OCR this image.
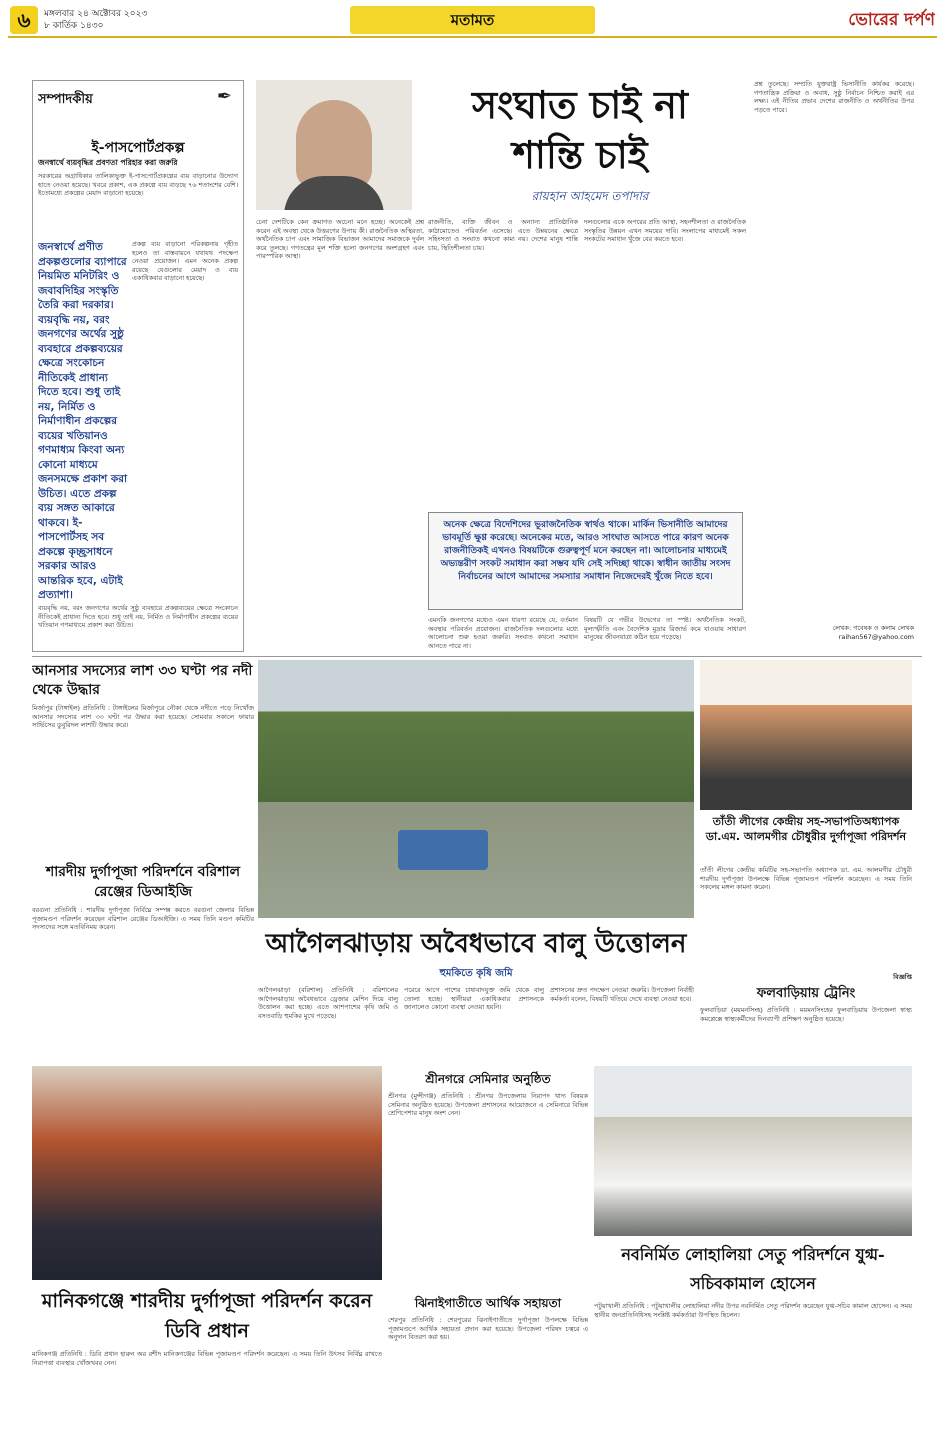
৬	মঙ্গলবার ২৪ অক্টোবর ২০২৩
৮ কার্তিক ১৪৩০	মতামত	ভোরের দর্পণ
সম্পাদকীয়	✒
ই-পাসপোর্টপ্রকল্প
জনস্বার্থে ব্যয়বৃদ্ধির প্রবণতা পরিহার করা জরুরি
সরকারের অগ্রাধিকার তালিকাভুক্ত ই-পাসপোর্টপ্রকল্পের ব্যয় বাড়ানোর উদ্যোগ হাতে নেওয়া হয়েছে। খবরে প্রকাশ, এক প্রকল্পে ব্যয় বাড়ছে ৭৬ শতাংশের বেশি। ইতোমধ্যে প্রকল্পের মেয়াদ বাড়ানো হয়েছে।
জনস্বার্থে প্রণীত প্রকল্পগুলোর ব্যাপারে নিয়মিত মনিটরিং ও জবাবদিহির সংস্কৃতি তৈরি করা দরকার। ব্যয়বৃদ্ধি নয়, বরং জনগণের অর্থের সুষ্ঠু ব্যবহারে প্রকল্পব্যয়ের ক্ষেত্রে সংকোচন নীতিকেই প্রাধান্য দিতে হবে। শুধু তাই নয়, নির্মিত ও নির্মাণাধীন প্রকল্পের ব্যয়ের খতিয়ানও গণমাধ্যম কিংবা অন্য কোনো মাধ্যমে জনসমক্ষে প্রকাশ করা উচিত। এতে প্রকল্প ব্যয় সঙ্গত আকারে থাকবে। ই-পাসপোর্টসহ সব প্রকল্পে কৃচ্ছ্রসাধনে সরকার আরও আন্তরিক হবে, এটাই প্রত্যাশা।
প্রকল্প ব্যয় বাড়ানো পরিকল্পনায় গৃহীত হলেও তা বাস্তবায়নে যথাযথ পদক্ষেপ নেওয়া প্রয়োজন। এমন অনেক প্রকল্প রয়েছে যেগুলোর মেয়াদ ও ব্যয় একাধিকবার বাড়ানো হয়েছে।
ব্যয়বৃদ্ধি নয়, বরং জনগণের অর্থের সুষ্ঠু ব্যবহারে প্রকল্পব্যয়ের ক্ষেত্রে সংকোচন নীতিকেই প্রাধান্য দিতে হবে। শুধু তাই নয়, নির্মিত ও নির্মাণাধীন প্রকল্পের ব্যয়ের খতিয়ান গণমাধ্যমে প্রকাশ করা উচিত।
সংঘাত চাই না
শান্তি চাই
রায়হান আহমেদ তপাদার
চেনা দেশটিকে কেন ক্রমাগত অচেনা মনে হচ্ছে। অনেকেই প্রশ্ন করেন এই অবস্থা থেকে উত্তরণের উপায় কী। রাজনৈতিক অস্থিরতা, অর্থনৈতিক চাপ এবং সামাজিক বিভাজন আমাদের সমাজকে দুর্বল করে তুলছে। গণতন্ত্রের মূল শক্তি হলো জনগণের অংশগ্রহণ এবং পারস্পরিক আস্থা।
রাজনীতি, ব্যক্তি জীবন ও অন্যান্য প্রাতিষ্ঠানিক কাঠামোতেও পরিবর্তন এসেছে। এতে উন্নয়নের ক্ষেত্রে সহিংসতা ও সংঘাত কখনো কাম্য নয়। দেশের মানুষ শান্তি চায়, স্থিতিশীলতা চায়।
দলগুলোর একে অপরের প্রতি আস্থা, সহনশীলতা ও রাজনৈতিক সংস্কৃতির উন্নয়ন এখন সময়ের দাবি। সংলাপের মাধ্যমেই সকল সংকটের সমাধান খুঁজে বের করতে হবে।
অনেক ক্ষেত্রে বিদেশিদের ভূরাজনৈতিক স্বার্থও থাকে। মার্কিন ভিসানীতি আমাদের ভাবমূর্তি ক্ষুণ্ণ করেছে। অনেকের মতে, আরও সাংঘাত আসতে পারে কারণ অনেক রাজনীতিকই এখনও বিষয়টিকে গুরুত্বপূর্ণ মনে করছেন না। আলোচনার মাধ্যমেই অভ্যন্তরীণ সংকট সমাধান করা সম্ভব যদি সেই সদিচ্ছা থাকে। স্বাধীন জাতীয় সংসদ নির্বাচনের আগে আমাদের সমস্যার সমাধান নিজেদেরই খুঁজে নিতে হবে।
এমনকি জনগণের মধ্যেও এমন ধারণা রয়েছে যে, বর্তমান অবস্থার পরিবর্তন প্রয়োজন। রাজনৈতিক দলগুলোর মধ্যে আলোচনা শুরু হওয়া জরুরি। সংঘাত কখনো সমাধান আনতে পারে না।
বিষয়টি যে গভীর উদ্বেগের তা স্পষ্ট। অর্থনৈতিক সংকট, মূল্যস্ফীতি এবং বৈদেশিক মুদ্রার রিজার্ভ কমে যাওয়ায় সাধারণ মানুষের জীবনযাত্রা কঠিন হয়ে পড়েছে।
প্রশ্ন তুলেছে। সম্প্রতি যুক্তরাষ্ট্র ভিসানীতি কার্যকর করেছে। গণতান্ত্রিক প্রক্রিয়া ও অবাধ, সুষ্ঠু নির্বাচন নিশ্চিত করাই এর লক্ষ্য। এই নীতির প্রভাব দেশের রাজনীতি ও অর্থনীতির উপর পড়তে পারে।
লেখক: গবেষক ও কলাম লেখক
raihan567@yahoo.com
আনসার সদস্যের লাশ ৩৩ ঘণ্টা পর নদী থেকে উদ্ধার
মির্জাপুর (টাঙ্গাইল) প্রতিনিধি : টাঙ্গাইলের মির্জাপুরে নৌকা থেকে নদীতে পড়ে নিখোঁজ আনসার সদস্যের লাশ ৩৩ ঘণ্টা পর উদ্ধার করা হয়েছে। সোমবার সকালে ফায়ার সার্ভিসের ডুবুরিদল লাশটি উদ্ধার করে।
শারদীয় দুর্গাপূজা পরিদর্শনে বরিশাল রেঞ্জের ডিআইজি
বরগুনা প্রতিনিধি : শারদীয় দুর্গাপূজা নির্বিঘ্নে সম্পন্ন করতে বরগুনা জেলার বিভিন্ন পূজামণ্ডপ পরিদর্শন করেছেন বরিশাল রেঞ্জের ডিআইজি। এ সময় তিনি মণ্ডপ কমিটির সদস্যদের সঙ্গে মতবিনিময় করেন।
আগৈলঝাড়ায় অবৈধভাবে বালু উত্তোলন
হুমকিতে কৃষি জমি
আগৈলঝাড়া (বরিশাল) প্রতিনিধি : বরিশালের আগৈলঝাড়ায় অবৈধভাবে ড্রেজার মেশিন দিয়ে বালু উত্তোলন করা হচ্ছে। এতে আশপাশের কৃষি জমি ও বসতবাড়ি হুমকির মুখে পড়েছে।
পরেরে আগে পাশের চাষাবাদযুক্ত জমি থেকে বালু তোলা হচ্ছে। স্থানীয়রা একাধিকবার প্রশাসনকে জানালেও কোনো ব্যবস্থা নেওয়া হয়নি।
প্রশাসনের দ্রুত পদক্ষেপ নেওয়া জরুরি। উপজেলা নির্বাহী কর্মকর্তা বলেন, বিষয়টি খতিয়ে দেখে ব্যবস্থা নেওয়া হবে।
তাঁতী লীগের কেন্দ্রীয় সহ-সভাপতিঅধ্যাপক ডা.এম. আলমগীর চৌধুরীর দুর্গাপূজা পরিদর্শন
তাঁতী লীগের কেন্দ্রীয় কমিটির সহ-সভাপতি অধ্যাপক ডা. এম. আলমগীর চৌধুরী শারদীয় দুর্গাপূজা উপলক্ষে বিভিন্ন পূজামণ্ডপ পরিদর্শন করেছেন। এ সময় তিনি সকলের মঙ্গল কামনা করেন।
বিজ্ঞপ্তি
ফলবাড়িয়ায় ট্রেনিং
ফুলবাড়িয়া (ময়মনসিংহ) প্রতিনিধি : ময়মনসিংহের ফুলবাড়িয়ায় উপজেলা স্বাস্থ্য কমপ্লেক্সে স্বাস্থ্যকর্মীদের দিনব্যাপী প্রশিক্ষণ অনুষ্ঠিত হয়েছে।
মানিকগঞ্জে শারদীয় দুর্গাপূজা পরিদর্শন করেন ডিবি প্রধান
মানিকগঞ্জ প্রতিনিধি : ডিবি প্রধান হারুন অর রশীদ মানিকগঞ্জের বিভিন্ন পূজামণ্ডপ পরিদর্শন করেছেন। এ সময় তিনি উৎসব নির্বিঘ্ন রাখতে নিরাপত্তা ব্যবস্থার খোঁজখবর নেন।
শ্রীনগরে সেমিনার অনুষ্ঠিত
শ্রীনগর (মুন্সীগঞ্জ) প্রতিনিধি : শ্রীনগর উপজেলায় নিরাপদ খাদ্য বিষয়ক সেমিনার অনুষ্ঠিত হয়েছে। উপজেলা প্রশাসনের আয়োজনে এ সেমিনারে বিভিন্ন শ্রেণিপেশার মানুষ অংশ নেন।
ঝিনাইগাতীতে আর্থিক সহায়তা
শেরপুর প্রতিনিধি : শেরপুরের ঝিনাইগাতীতে দুর্গাপূজা উপলক্ষে বিভিন্ন পূজামণ্ডপে আর্থিক সহায়তা প্রদান করা হয়েছে। উপজেলা পরিষদ চত্বরে এ অনুদান বিতরণ করা হয়।
নবনির্মিত লোহালিয়া সেতু পরিদর্শনে যুগ্ম-সচিবকামাল হোসেন
পটুয়াখালী প্রতিনিধি : পটুয়াখালীর লোহালিয়া নদীর উপর নবনির্মিত সেতু পরিদর্শন করেছেন যুগ্ম-সচিব কামাল হোসেন। এ সময় স্থানীয় জনপ্রতিনিধিসহ সংশ্লিষ্ট কর্মকর্তারা উপস্থিত ছিলেন।
